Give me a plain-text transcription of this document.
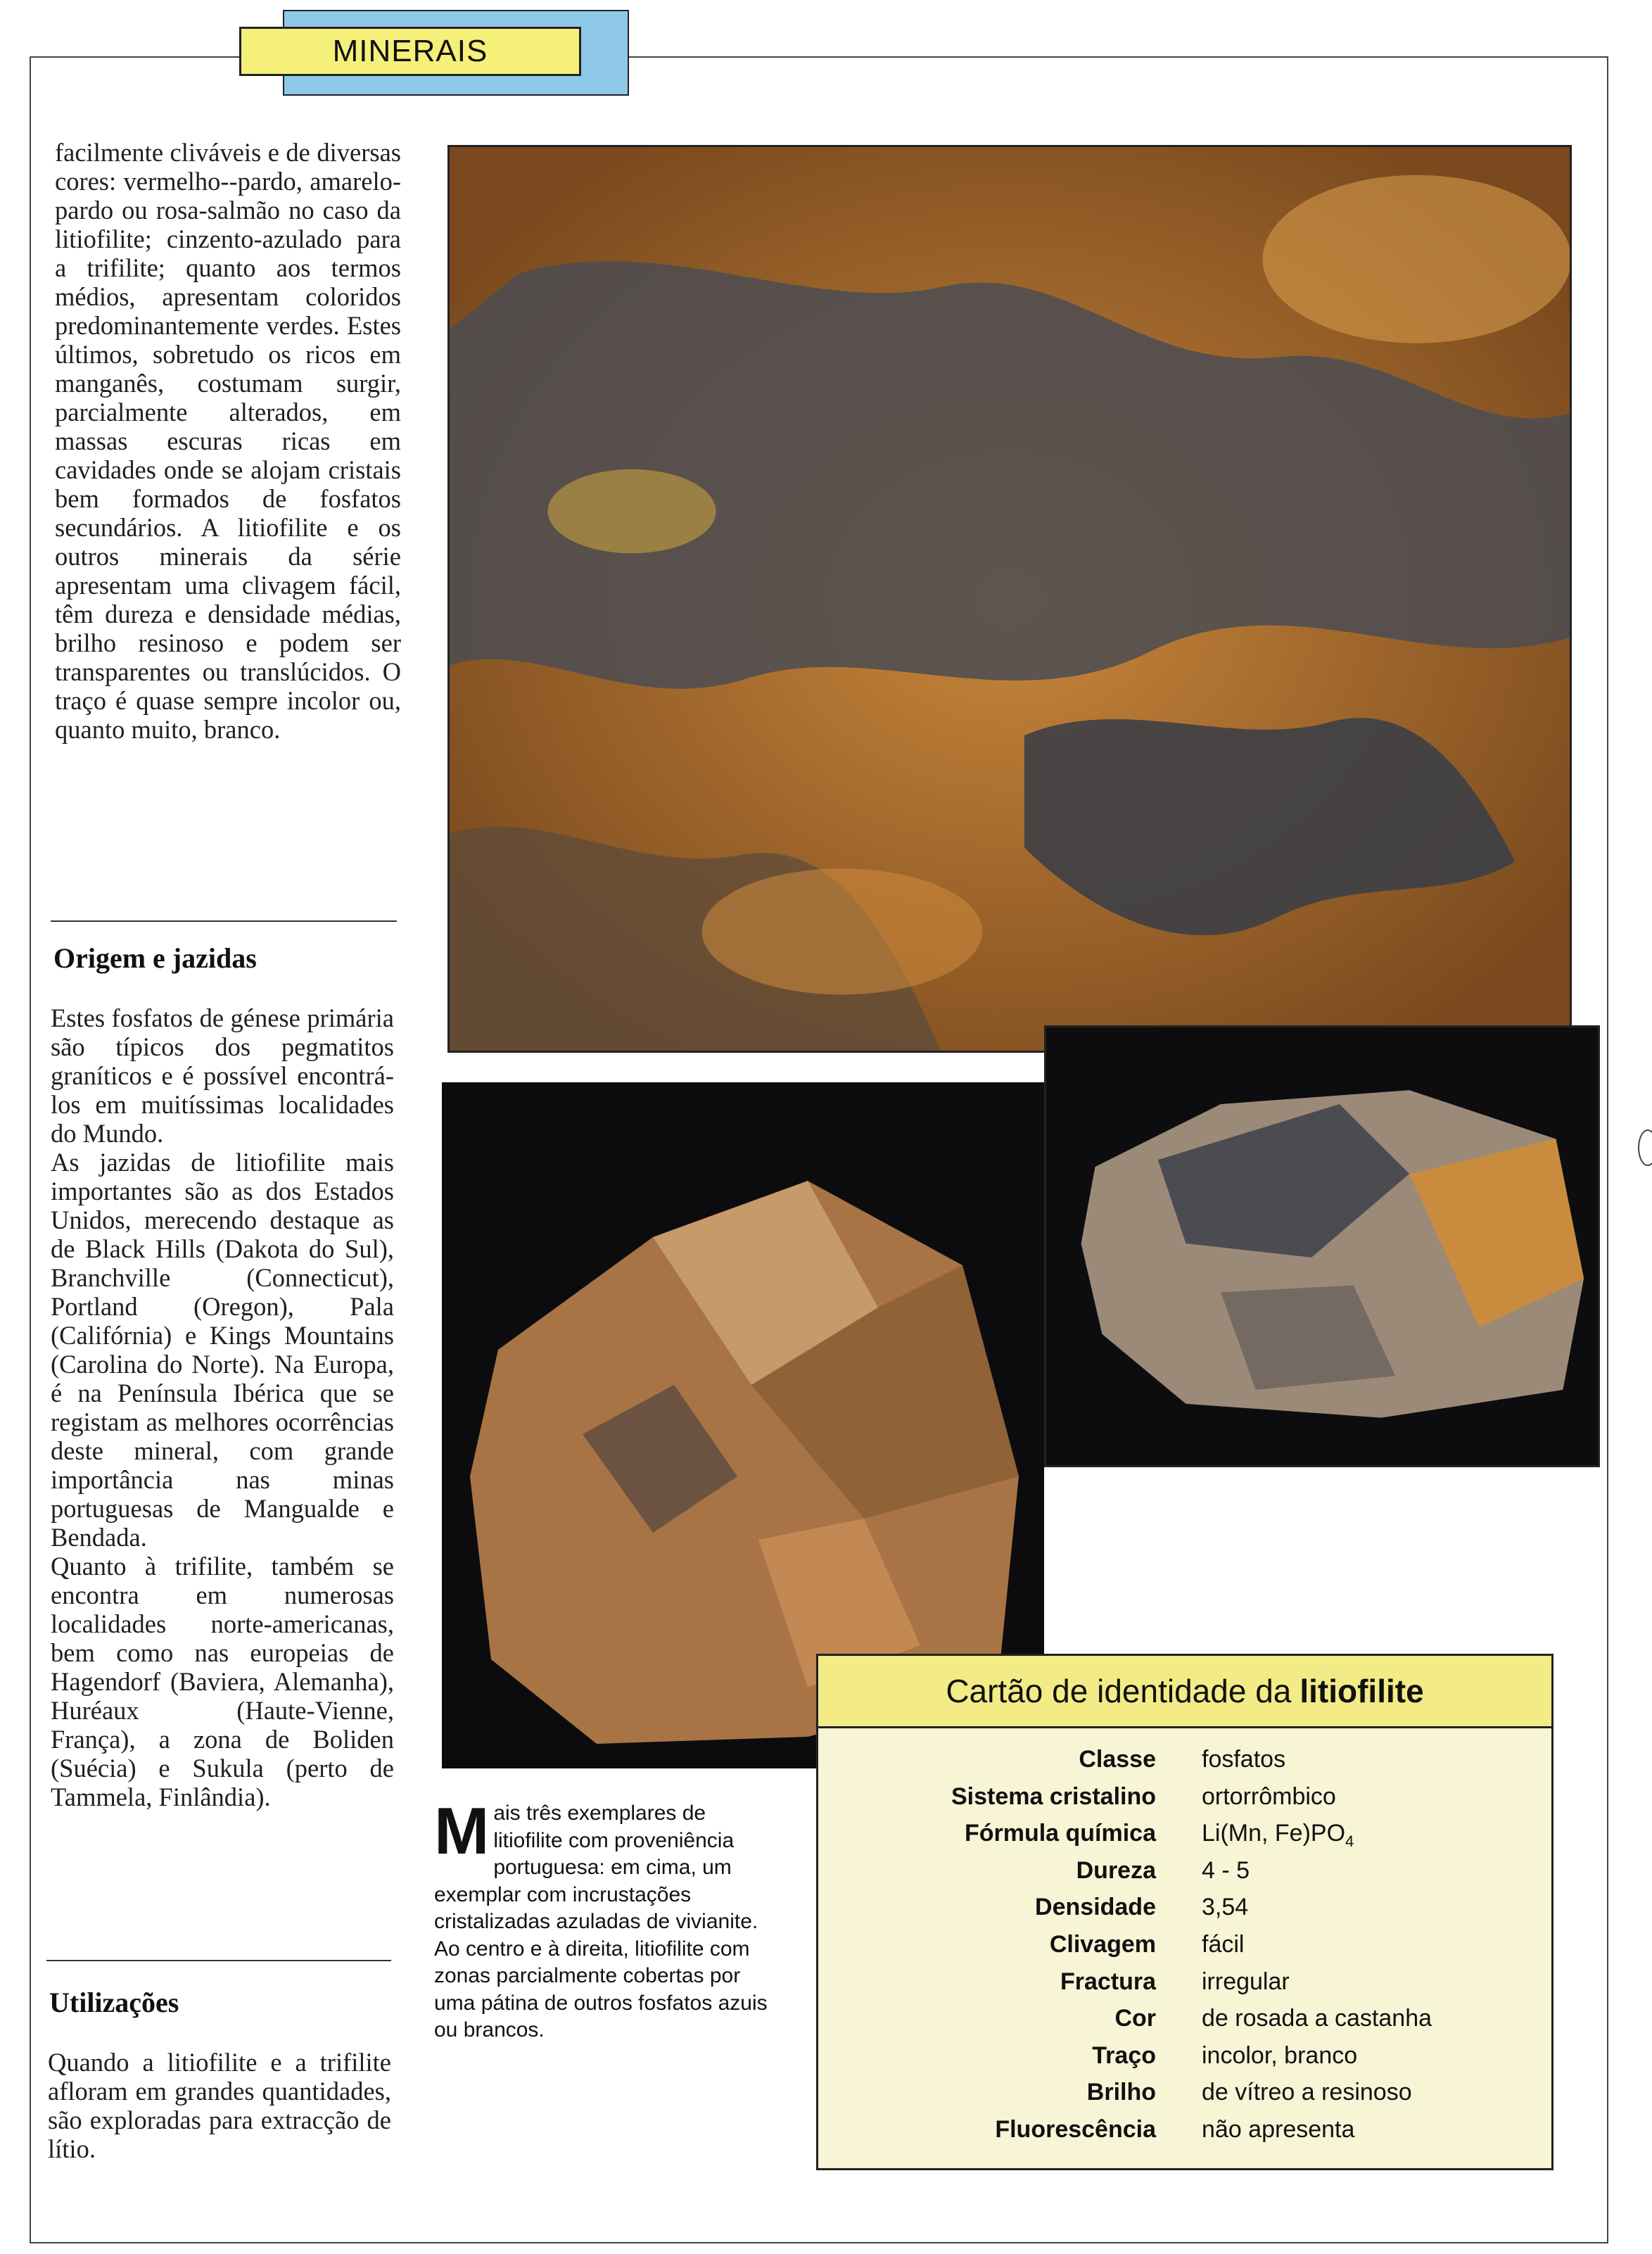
MINERAIS

facilmente cliváveis e de diversas cores: vermelho--pardo, amarelo-pardo ou rosa-salmão no caso da litiofilite; cinzento-azulado para a trifilite; quanto aos termos médios, apresentam coloridos predominantemente verdes. Estes últimos, sobretudo os ricos em manganês, costumam surgir, parcialmente alterados, em massas escuras ricas em cavidades onde se alojam cristais bem formados de fosfatos secundários. A litiofilite e os outros minerais da série apresentam uma clivagem fácil, têm dureza e densidade médias, brilho resinoso e podem ser transparentes ou translúcidos. O traço é quase sempre incolor ou, quanto muito, branco.

Origem e jazidas

Estes fosfatos de génese primária são típicos dos pegmatitos graníticos e é possível encontrá-los em muitíssimas localidades do Mundo.

As jazidas de litiofilite mais importantes são as dos Estados Unidos, merecendo destaque as de Black Hills (Dakota do Sul), Branchville (Connecticut), Portland (Oregon), Pala (Califórnia) e Kings Mountains (Carolina do Norte). Na Europa, é na Península Ibérica que se registam as melhores ocorrências deste mineral, com grande importância nas minas portuguesas de Mangualde e Bendada.

Quanto à trifilite, também se encontra em numerosas localidades norte-americanas, bem como nas europeias de Hagendorf (Baviera, Alemanha), Huréaux (Haute-Vienne, França), a zona de Boliden (Suécia) e Sukula (perto de Tammela, Finlândia).

Utilizações

Quando a litiofilite e a trifilite afloram em grandes quantidades, são exploradas para extracção de lítio.

Mais três exemplares de litiofilite com proveniência portuguesa: em cima, um exemplar com incrustações cristalizadas azuladas de vivianite. Ao centro e à direita, litiofilite com zonas parcialmente cobertas por uma pátina de outros fosfatos azuis ou brancos.
Cartão de identidade da litiofilite
Classe fosfatos
Sistema cristalino ortorrômbico
Fórmula química Li(Mn, $Fe)PO_4$
Dureza 4 - 5
Densidade 3,54
Clivagem fácil
Fractura irregular
Cor de rosada a castanha
Traço incolor, branco
Brilho de vítreo a resinoso
Fluorescência não apresenta
